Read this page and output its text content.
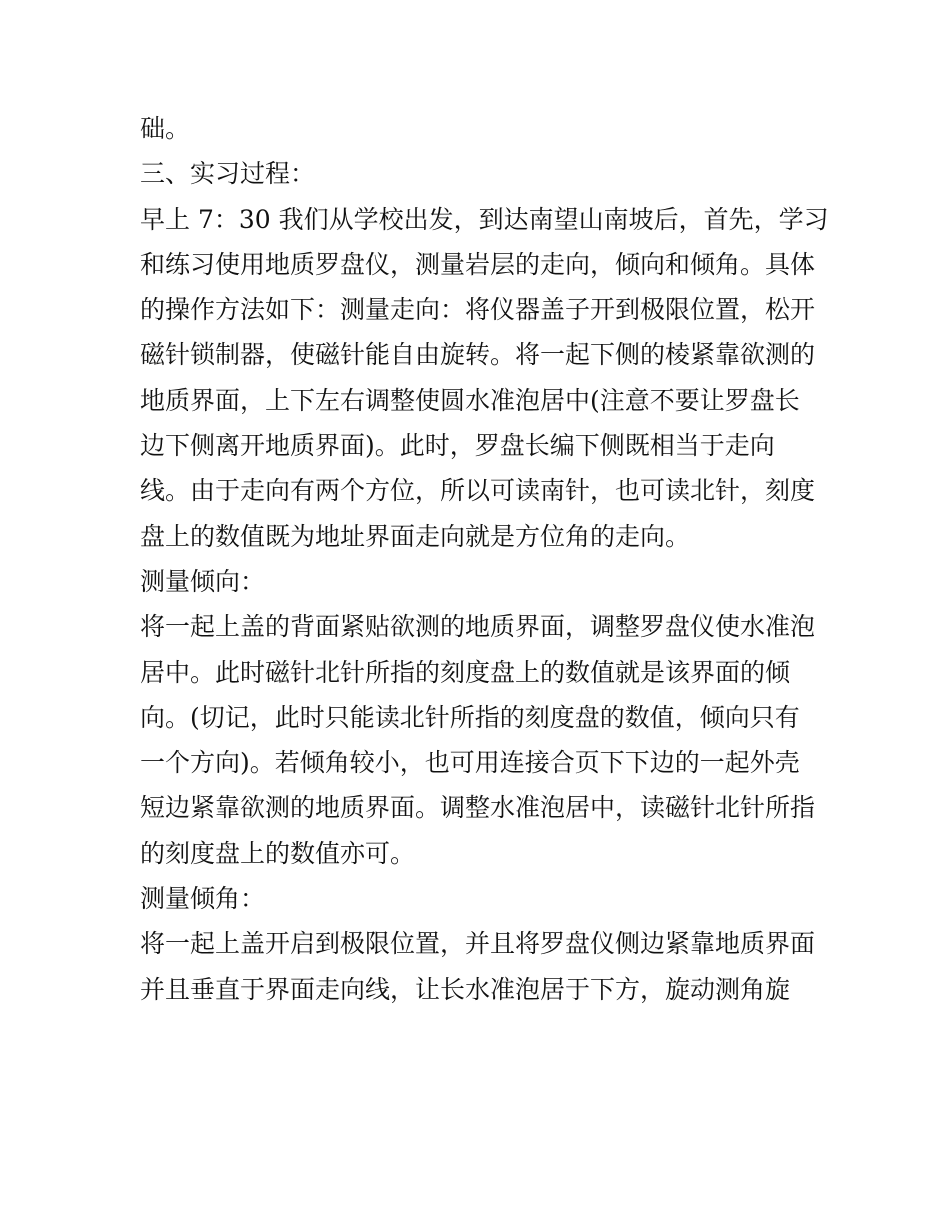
础。
三、实习过程：
早上 7：30 我们从学校出发，到达南望山南坡后，首先，学习
和练习使用地质罗盘仪，测量岩层的走向，倾向和倾角。具体
的操作方法如下：测量走向：将仪器盖子开到极限位置，松开
磁针锁制器，使磁针能自由旋转。将一起下侧的棱紧靠欲测的
地质界面，上下左右调整使圆水准泡居中(注意不要让罗盘长
边下侧离开地质界面)。此时，罗盘长编下侧既相当于走向
线。由于走向有两个方位，所以可读南针，也可读北针，刻度
盘上的数值既为地址界面走向就是方位角的走向。
测量倾向：
将一起上盖的背面紧贴欲测的地质界面，调整罗盘仪使水准泡
居中。此时磁针北针所指的刻度盘上的数值就是该界面的倾
向。(切记，此时只能读北针所指的刻度盘的数值，倾向只有
一个方向)。若倾角较小，也可用连接合页下下边的一起外壳
短边紧靠欲测的地质界面。调整水准泡居中，读磁针北针所指
的刻度盘上的数值亦可。
测量倾角：
将一起上盖开启到极限位置，并且将罗盘仪侧边紧靠地质界面
并且垂直于界面走向线，让长水准泡居于下方，旋动测角旋
